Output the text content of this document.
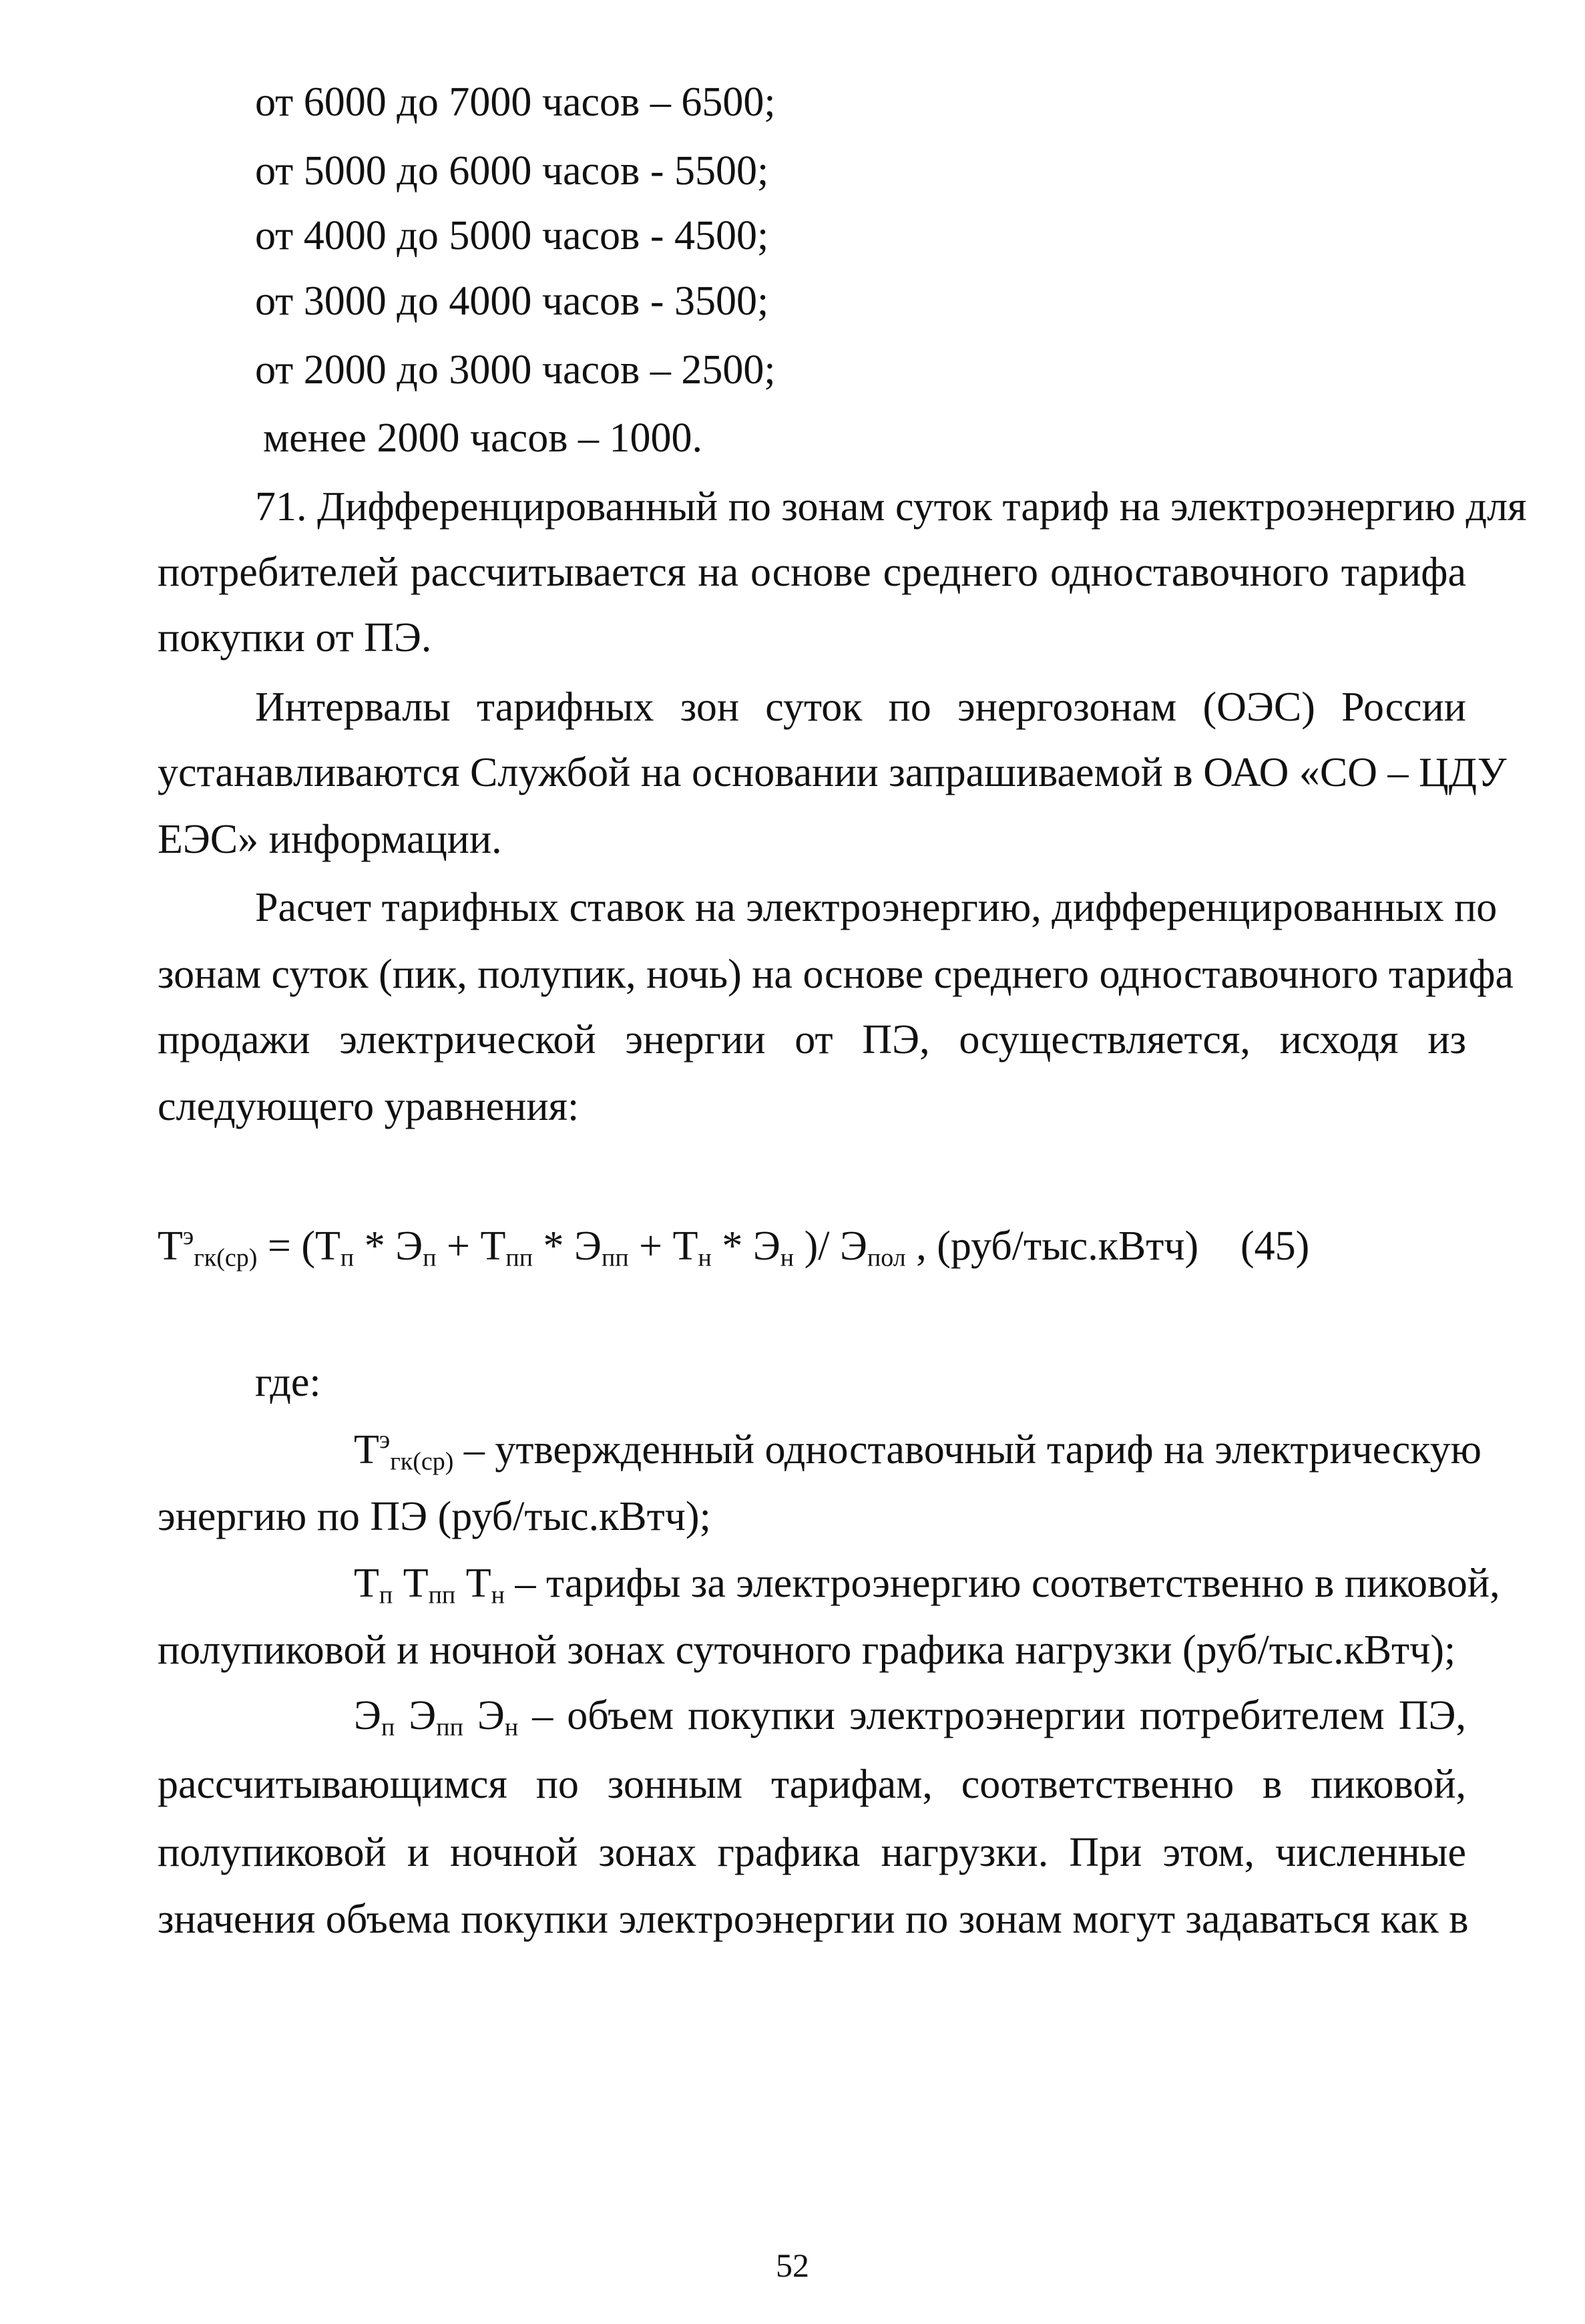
от 6000 до 7000 часов – 6500;
от 5000 до 6000 часов - 5500;
от 4000 до 5000 часов - 4500;
от 3000 до 4000 часов - 3500;
от 2000 до 3000 часов – 2500;
менее 2000 часов – 1000.
71. Дифференцированный по зонам суток тариф на электроэнергию для
потребителей рассчитывается на основе среднего одноставочного тарифа
покупки от ПЭ.
Интервалы тарифных зон суток по энергозонам (ОЭС) России
устанавливаются Службой на основании запрашиваемой в ОАО «СО – ЦДУ
ЕЭС» информации.
Расчет тарифных ставок на электроэнергию, дифференцированных по
зонам суток (пик, полупик, ночь) на основе среднего одноставочного тарифа
продажи электрической энергии от ПЭ, осуществляется, исходя из
следующего уравнения:
$Т^э_{гк(ср)} = (Т_п * Э_п + Т_{пп} * Э_{пп} + Т_н * Э_н$ )/ $Э_{пол}$ , (руб/тыс.кВтч) (45)
где:
$Т^э_{гк(ср)}$ – утвержденный одноставочный тариф на электрическую
энергию по ПЭ (руб/тыс.кВтч);
$Т_п$ $Т_{пп}$ $Т_н$ – тарифы за электроэнергию соответственно в пиковой,
полупиковой и ночной зонах суточного графика нагрузки (руб/тыс.кВтч);
$Э_п$ $Э_{пп}$ $Э_н$ – объем покупки электроэнергии потребителем ПЭ,
рассчитывающимся по зонным тарифам, соответственно в пиковой,
полупиковой и ночной зонах графика нагрузки. При этом, численные
значения объема покупки электроэнергии по зонам могут задаваться как в
52
